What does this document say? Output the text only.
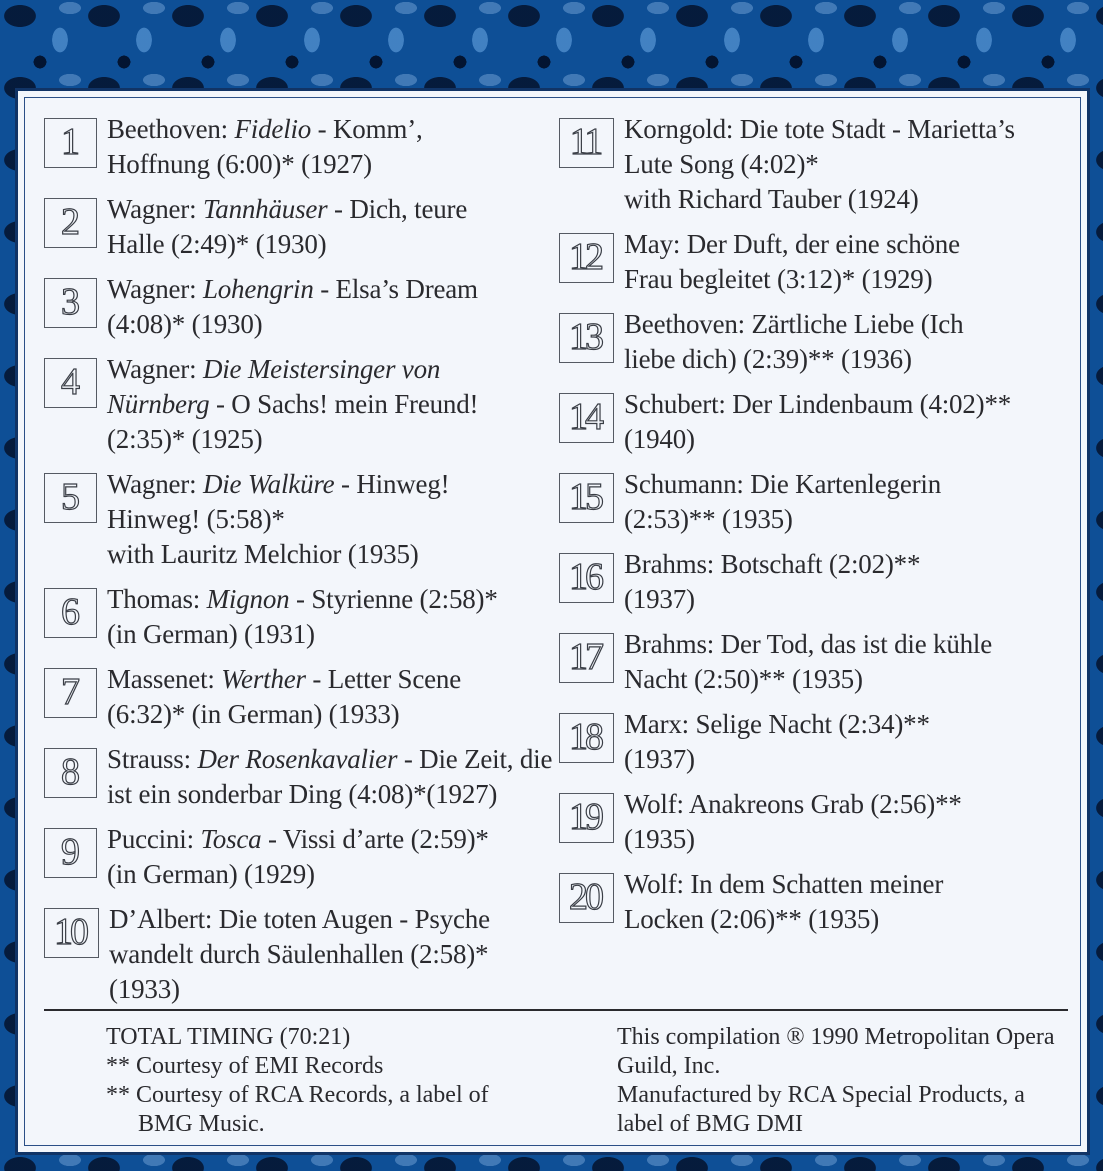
1	Beethoven: Fidelio - Komm’,
Hoffnung (6:00)* (1927)
2	Wagner: Tannhäuser - Dich, teure
Halle (2:49)* (1930)
3	Wagner: Lohengrin - Elsa’s Dream
(4:08)* (1930)
4	Wagner: Die Meistersinger von
Nürnberg - O Sachs! mein Freund!
(2:35)* (1925)
5	Wagner: Die Walküre - Hinweg!
Hinweg! (5:58)*
with Lauritz Melchior (1935)
6	Thomas: Mignon - Styrienne (2:58)*
(in German) (1931)
7	Massenet: Werther - Letter Scene
(6:32)* (in German) (1933)
8	Strauss: Der Rosenkavalier - Die Zeit, die
ist ein sonderbar Ding (4:08)*(1927)
9	Puccini: Tosca - Vissi d’arte (2:59)*
(in German) (1929)
10 D’Albert: Die toten Augen - Psyche
wandelt durch Säulenhallen (2:58)*
(1933)
11 Korngold: Die tote Stadt - Marietta’s
Lute Song (4:02)*
with Richard Tauber (1924)
12 May: Der Duft, der eine schöne
Frau begleitet (3:12)* (1929)
13 Beethoven: Zärtliche Liebe (Ich
liebe dich) (2:39)** (1936)
14 Schubert: Der Lindenbaum (4:02)**
(1940)
15 Schumann: Die Kartenlegerin
(2:53)** (1935)
16 Brahms: Botschaft (2:02)**
(1937)
17 Brahms: Der Tod, das ist die kühle
Nacht (2:50)** (1935)
18 Marx: Selige Nacht (2:34)**
(1937)
19 Wolf: Anakreons Grab (2:56)**
(1935)
20 Wolf: In dem Schatten meiner
Locken (2:06)** (1935)
TOTAL TIMING (70:21)
** Courtesy of EMI Records
** Courtesy of RCA Records, a label of BMG Music.
This compilation ® 1990 Metropolitan Opera Guild, Inc.
Manufactured by RCA Special Products, a label of BMG DMI
